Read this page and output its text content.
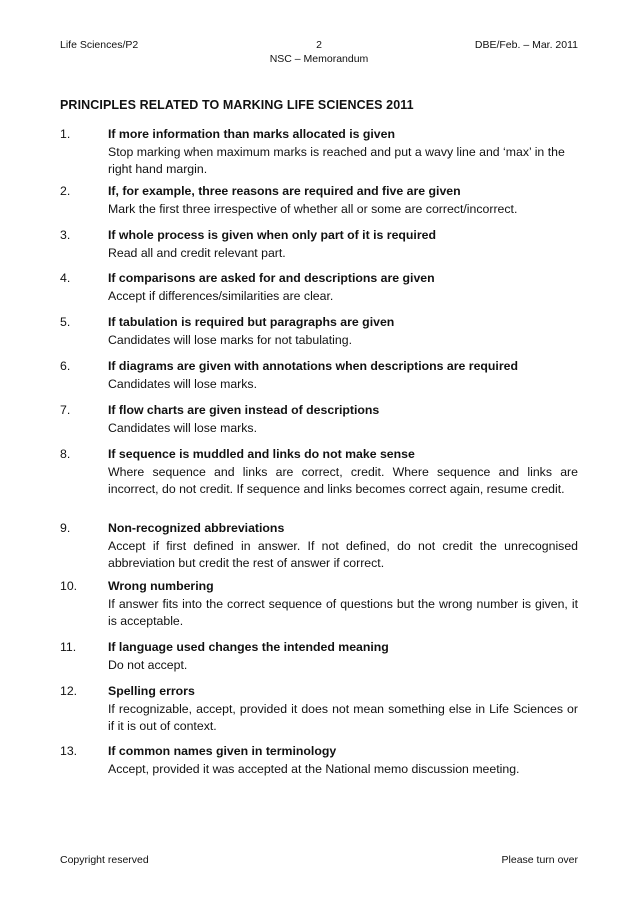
Life Sciences/P2	2
NSC – Memorandum
DBE/Feb. – Mar. 2011
PRINCIPLES RELATED TO MARKING LIFE SCIENCES 2011
1.	If more information than marks allocated is given
Stop marking when maximum marks is reached and put a wavy line and ‘max’ in the right hand margin.
2.	If, for example, three reasons are required and five are given
Mark the first three irrespective of whether all or some are correct/incorrect.
3.	If whole process is given when only part of it is required
Read all and credit relevant part.
4.	If comparisons are asked for and descriptions are given
Accept if differences/similarities are clear.
5.	If tabulation is required but paragraphs are given
Candidates will lose marks for not tabulating.
6.	If diagrams are given with annotations when descriptions are required
Candidates will lose marks.
7.	If flow charts are given instead of descriptions
Candidates will lose marks.
8.	If sequence is muddled and links do not make sense
Where sequence and links are correct, credit. Where sequence and links are incorrect, do not credit. If sequence and links becomes correct again, resume credit.
9.	Non-recognized abbreviations
Accept if first defined in answer. If not defined, do not credit the unrecognised abbreviation but credit the rest of answer if correct.
10.	Wrong numbering
If answer fits into the correct sequence of questions but the wrong number is given, it is acceptable.
11.	If language used changes the intended meaning
Do not accept.
12.	Spelling errors
If recognizable, accept, provided it does not mean something else in Life Sciences or if it is out of context.
13.	If common names given in terminology
Accept, provided it was accepted at the National memo discussion meeting.
Copyright reserved	Please turn over
